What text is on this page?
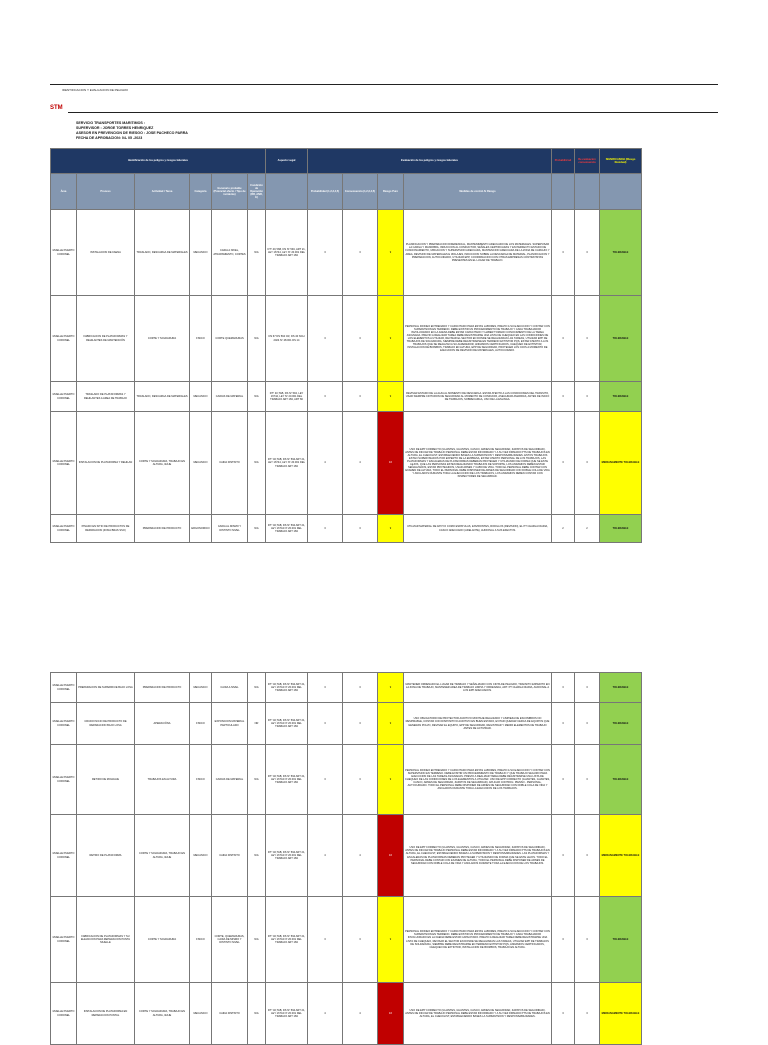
IDENTIFICACION Y EVALUACION DE PELIGRO
STM
SERVICIO TRANSPORTES MARITIMOS :
SUPERVISOR : JORGE TORRES HENRIQUEZ
ASESOR EN PREVENCION DE RIESGO : JOSE PACHECO PARRA
FECHA DE APROBACION: 04- 05 -2023
Identificación de los peligros y riesgos laborales						Aspecto Legal	Evaluación de los peligros y riesgos laborales				Probabilid ad	Re evaluacion consecuencia	SIGNIFICANCIA (Riesgo Residual)
Área	Proceso	Actividad / Tarea	Categoría	Escenario probable (Potencial efecto / Tipo de incidente)	Condición de Operación (RR, ANR, E)		Probabilidad (1,2,3,4,5)	Consecuencia (1,2,3,4,5)	Riesgo Puro	Medidas de control Al Riesgo			
MUELLE PUERTO CORONEL	INSTALACION DE FAENA	TRASLADO, DESCARGA DE MATERIALES	MECANICO	CAIDA A NIVEL, ATRAPAMIENTO, CORTES	N/A	DTº 40,TAB, DS Nº 594, ART 21, LEY 16744, LEY Nº 20.001 DEL TRABAJO ART 184	3	3	9	PLANIFICACION Y PREPARACION DIFERENCIAL, MANTENIMIENTO ADECUADO DE LOS MATERIALES. SUPERVISAR LA CARGA Y MANIOBRA, INDUCCION AL CONDUCTOR, SEÑALES CERTIFICADAS Y EN PERFECTO ESTADO DE FUNCIONAMIENTO, UBICACION Y SUPERVISION ADECUADA, MANTENCION ADECUADA DE LA ZONA DE CARGUIO Y AREA, REVISION DE MATERIALES E IZOLAJES, INDUCCION SOBRE LA DESCARGA DE MATERIAL, PLANIFICACION Y PREPARACION, AUTOCUIDADO, UTILIZAR EPP, COORDINACION CON OTRAS EMPRESAS CONTRATISTAS PRESENTES EN EL LUGAR DE TRABAJO.	3	3	TOLERABLE
MUELLE PUERTO CORONEL	FABRICACION DE PLATAFORMAS Y REHILANTES DE MANTENCIÓN	CORTE Y SOLDADURA	FISICO	CORTE QUEMADURAS	N/A	DS 67 DS 594 CR, DS 40 NCH 2024 Nº 28.001 DS 14	3	3	9	PERSONAL IDONEO ENTRENADO Y CAPACITADO PARA ESTAS LABORES, PREVIO A SU EJECUCION Y CONTAR CON SUPERVISION EN TERRENO. DEBE EXISTIR UN PROCEDIMIENTO DE TRABAJO Y CADA TRABAJADOR INVOLUCRADO EN LA FAENA DEBE ESTAR CAPACITADO Y HABER TOMADO CONOCIMIENTO DE LA TAREA ASIGNADA. PREVIO A REALIZAR TAREA DEBE REGISTRARSE UNA LISTA DE CHEQUEO EN LAS CONDICIONES DE LOS ELEMENTOS A UTILIZAR, REVISAR EL SECTOR EN DONDE SE REALIZARAN LAS TAREAS, UTILIZAR EPP DE TRABAJOS DE SOLDADURA, SIEMPRE DEBE REGISTRARSE EN TERRENO EXTINTOR PQS, ESTAR ATENTO A LOS TRABAJOS QUE SE REALIZAN A SU ALREDEDOR, ANDAMIOS CERTIFICADOS, CHEQUEO DE EXTINTOR, INSTALACION DE BIOMBOS, TRABAJO EN ALTURA, EPP DE SEGURIDAD, PROTEGER LOS OJOS A MOMENTO DE EJECUCION DE REVISION DE MATERIALES, AUTOCUIDADO.	3	3	TOLERABLE
MUELLE PUERTO CORONEL	TRASLADO DE PLATAFORMAS Y REHILANTES A AREA DE TRABAJO	TRASLADO, DESCARGA DE MATERIALES	MECANICO	CAIDAS DE MATERIAL	N/A	DTº 40,TAB, DS Nº 594, LEY 16744, LEY Nº 20.001 DEL TRABAJO ART 184, ART 66	3	3	9	REVISAR ESTADO DE LA ALZA AL MOMENTO DE DESCARGA. ESTAR ATENTO A LAS CONDICIONES DEL TRANSITO, USAR SIEMPRE CINTURON DE SEGURIDAD AL MOMENTO DE CONDUCIR, ASEGURAR AMARRAS, ANTES DE INICIO DE TRABAJOS, SOBRECARGA, USO DE LA ESLINGA.	3	3	TOLERABLE
MUELLE PUERTO CORONEL	INSTALACION DE PLATAFORMA Y REHILAN	CORTE Y SOLDADURA, TRABAJO EN ALTURA, IZAJE	MECANICO	CAIDA DISTINTO	N/A	DTº 40,TAB, DS Nº 594 ART 21, LEY 16744, LEY Nº 20.001 DEL TRABAJO ART 184	4	4	16	USO DE EPP CORRECTO (GUANTES, GUANTES, CASCO, ARNES DE SEGURIDAD, ZAPATOS DE SEGURIDAD). ANTES DE INICIAR DE TRABAJO PERSONAL DEBE ESTAR INFORMADO Y A SU VEZ FIRMADO PTS DE TRABAJOS EN ALTURA, EL CHECKLIST, ESTABLECIENDO BASES LA SUPERVISION Y RESPONSABILIDADES. ESTOS TRABAJOS ESTAN SUPERVISADOS POR EXPERTO DE LA EMPRESA, ESTAR ATENTO PERSONAL DE LOS TRABAJOS, LAS PLATAFORMAS Y ESCALERAS DE PLATAFORMAS DEBERAN PROTEGER Y UTILIZANDO DE FORMA QUE SE ESTE LEJOS, QUE LAS PERSONAS ESTEN REALIZANDO TRABAJOS DE SOPORTE, LOS ANDAMIOS DEBEN ESTAR SEÑALIZADOS, ESTAR PROTEGIDOS, USAR ARNES Y CABO DE VIDA. TODO EL PERSONAL DEBE CONTAR CON EXAMEN DE ALTURA, TODO EL PERSONAL DEBE DISPONER DE ARNES DE SEGURIDAD CON DOBLE COLA DE VIDA Y ANCLADOS DURANTE TODA LA EJECUCION DE LOS TRABAJOS, LOS ANDAMIOS DEBEN CONTAR CON INSPECTORES DE SEGURIDAD.	3	3	MEDIANAMENTE TOLERABLE
MUELLE PUERTO CORONEL	PINADO EN SITIO DE PRODUCTOS DE REPARACION (ZONA BRAS SSO)	PREPARACION DE PRODUCTO	ERGONOMICO	CAIDA AL MISMO Y DISTINTO NIVEL	N/A	DTº 40,TAB, DS Nº 594 ART 21, LEY 16744 Nº 20.001 DEL TRABAJO ART 184	3	3	9	UTILIZAR MATERIAL DE APOYO COMO ESPATULAS, ENVIRONTES, RODILLOS (REVISION), EL PT CHARLA DIARIA, CASCO ADECUADO (ADELANTE), AUDIONAL A SUS EFECTOS.	2	2	TOLERABLE
MUELLE PUERTO CORONEL	PREPARACION DE SUPERFICIE BAJO LOSA	PREPARACION DE PRODUCTO	MECANICO	CAIDA A NIVEL	N/A	DTº 40,TAB, DS Nº 594 ART 21, LEY 16744 Nº 20.001 DEL TRABAJO ART 184	3	3	9	MANTENER ORDENADO EL LUGAR DE TRABAJO Y SEÑALIZADO CON CINTA DE PELIGRO, TRANSITO EXPEDITO EN LA ZONA DE TRABAJO, MANTENER AREA DE TRABAJO LIMPIA Y ORDENADA, ART. PT CHARLA DIARIA, AUDIONAL A LOS EPP ADECUADOS.	3	3	TOLERABLE
MUELLE PUERTO CORONEL	CRUDO INICIO DE PRODUCTO DE REPARACION BAJO LOSA	APERACIÓNA	FISICO	EXPOSICION MATERIAL PARTICULADO	NR	DTº 40,TAB, DS Nº 594 ART 21, LEY 16744 Nº 20.001 DEL TRABAJO ART 184	3	3	9	USO OBLIGATORIO DE PROTECTOR AUDITIVO MONTAJE REALIZADO Y LIMPIEZA DE ESCOMBROS NO RESPIRABLE, CONTAR CON DISPOSITIVO AUDITIVO EN BUEN ESTADO, EVITAR QUEDAR CERCA DE EQUIPOS QUE GENERAN POLVO, REVISAR EL EQUIPO, EPP DE SEGURIDAD, REGISTRAR Y MEDIR ELEMENTOS DE TRABAJO ANTES DE ACTIVIDAD.	3	3	TOLERABLE
MUELLE PUERTO CORONEL	RETIRO DE MOLDAJE	TRABAJOS EN ALTURA	FISICO	CAIDAS DE MATERIAL	N/A	DTº 40,TAB, DS Nº 594 ART 21, LEY 16744 Nº 20.001 DEL TRABAJO ART 184	3	3	9	PERSONAL IDONEO ENTRENADO Y CAPACITADO PARA ESTAS LABORES, PREVIO A SU EJECUCION Y CONTAR CON SUPERVISION EN TERRENO. DEBE EXISTIR UN PROCEDIMIENTO DE TRABAJO Y QUE TRABAJO SEGURO PARA EJECUCION DE LAS TAREAS ASIGNADAS. PREVIO A REALIZAR TAREA DEBE REGISTRARSE UNA LISTA DE CHEQUEO DE LAS CONDICIONES DE LOS ELEMENTOS A UTILIZAR. USO DE EPP CORRECTO (GUANTES, GUANTES, CASCO, ARNES DE SEGURIDAD, ZAPATOS DE SEGURIDAD). APLICAR CONTROL: PIENSO - PERSONAL, AUTOCUIDADO. TODO EL PERSONAL DEBE DISPONER DE ARNES DE SEGURIDAD CON DOBLE COLA DE VIDA Y ANCLADOS DURANTE TODA LA EJECUCION DE LOS TRABAJOS.	3	3	TOLERABLE
MUELLE PUERTO CORONEL	RETIRO DE PLATAFORMA	CORTE Y SOLDADURA, TRABAJO EN ALTURA, IZAJE	MECANICO	CAIDA DISTINTO	N/A	DTº 40,TAB, DS Nº 594 ART 21, LEY 16744 Nº 20.001 DEL TRABAJO ART 184	4	4	16	USO DE EPP CORRECTO (GUANTES, GUANTES, CASCO, ARNES DE SEGURIDAD, ZAPATOS DE SEGURIDAD). ANTES DE INICIAR DE TRABAJO PERSONAL DEBE ESTAR INFORMADO Y A SU VEZ FIRMADO PTS DE TRABAJOS EN ALTURA, EL CHECKLIST, ESTABLECIENDO BASES LA SUPERVISION Y RESPONSABILIDADES. LAS PLATAFORMAS Y ESCALERAS DE PLATAFORMAS DEBERAN PROTEGER Y UTILIZANDO DE FORMA QUE SE ESTE LEJOS. TODO EL PERSONAL DEBE CONTAR CON EXAMEN DE ALTURA, TODO EL PERSONAL DEBE DISPONER DE ARNES DE SEGURIDAD CON DOBLE COLA DE VIDA Y ANCLADOS DURANTE TODA LA EJECUCION DE LOS TRABAJOS.	3	3	MEDIANAMENTE TOLERABLE
MUELLE PUERTO CORONEL	FABRICACION DE PLATAFORMAS Y SU ELEVACION PARA REPARACION PUNTA MUELLE	CORTE Y SOLDADURA	FISICO	CORTE, QUEMADURAS, CAIDA DE MISMO Y DISTINTO NIVEL	N/A	DTº 40,TAB, DS Nº 594 ART 21, LEY 16744 Nº 20.001 DEL TRABAJO ART 184	3	3	9	PERSONAL IDONEO ENTRENADO Y CAPACITADO PARA ESTAS LABORES, PREVIO A SU EJECUCION Y CONTAR CON SUPERVISION EN TERRENO. DEBE EXISTIR UN PROCEDIMIENTO DE TRABAJO Y CADA TRABAJADOR INVOLUCRADO EN LA FAENA DEBE ESTAR CAPACITADO. PREVIO A REALIZAR TAREA DEBE REGISTRARSE UNA LISTA DE CHEQUEO, REVISAR EL SECTOR EN DONDE SE REALIZARAN LAS TAREAS, UTILIZAR EPP DE TRABAJOS DE SOLDADURA, SIEMPRE DEBE REGISTRARSE EN TERRENO EXTINTOR PQS, ANDAMIOS CERTIFICADOS, CHEQUEO DE EXTINTOR, INSTALACION DE BIOMBOS, TRABAJO EN ALTURA.	3	3	TOLERABLE
MUELLE PUERTO CORONEL	INSTALACION DE PLATAFORMA EN REPARACION PUNTAL	CORTE Y SOLDADURA, TRABAJO EN ALTURA, IZAJE	MECANICO	CAIDA DISTINTO	N/A	DTº 40,TAB, DS Nº 594 ART 21, LEY 16744 Nº 20.001 DEL TRABAJO ART 184	4	4	16	USO DE EPP CORRECTO (GUANTES, GUANTES, CASCO, ARNES DE SEGURIDAD, ZAPATOS DE SEGURIDAD). ANTES DE INICIAR DE TRABAJO PERSONAL DEBE ESTAR INFORMADO Y A SU VEZ FIRMADO PTS DE TRABAJOS EN ALTURA, EL CHECKLIST, ESTABLECIENDO BASES LA SUPERVISION Y RESPONSABILIDADES.	3	3	MEDIANAMENTE TOLERABLE
